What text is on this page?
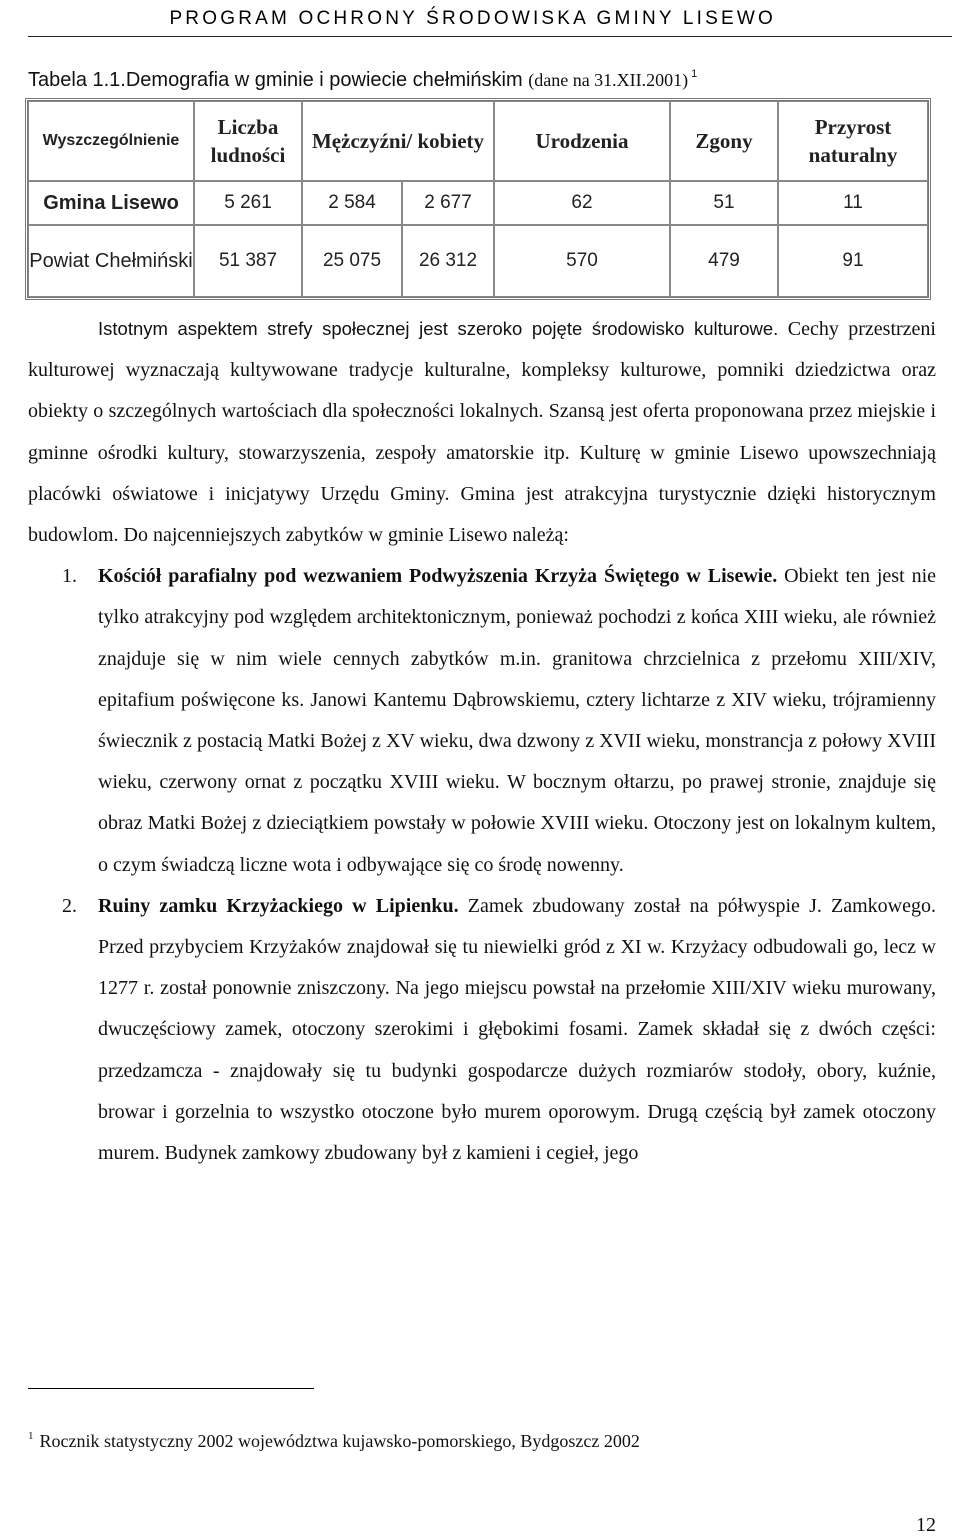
PROGRAM OCHRONY ŚRODOWISKA GMINY LISEWO
Tabela 1.1.Demografia w gminie i powiecie chełmińskim (dane na 31.XII.2001) $^1$
Wyszczególnienie	Liczba ludności	Mężczyźni/ kobiety		Urodzenia	Zgony	Przyrost naturalny
Gmina Lisewo	5 261	2 584	2 677	62	51	11
Powiat Chełmiński	51 387	25 075	26 312	570	479	91

Istotnym aspektem strefy społecznej jest szeroko pojęte środowisko kulturowe. Cechy przestrzeni kulturowej wyznaczają kultywowane tradycje kulturalne, kompleksy kulturowe, pomniki dziedzictwa oraz obiekty o szczególnych wartościach dla społeczności lokalnych. Szansą jest oferta proponowana przez miejskie i gminne ośrodki kultury, stowarzyszenia, zespoły amatorskie itp. Kulturę w gminie Lisewo upowszechniają placówki oświatowe i inicjatywy Urzędu Gminy. Gmina jest atrakcyjna turystycznie dzięki historycznym budowlom. Do najcenniejszych zabytków w gminie Lisewo należą:

1. Kościół parafialny pod wezwaniem Podwyższenia Krzyża Świętego w Lisewie. Obiekt ten jest nie tylko atrakcyjny pod względem architektonicznym, ponieważ pochodzi z końca XIII wieku, ale również znajduje się w nim wiele cennych zabytków m.in. granitowa chrzcielnica z przełomu XIII/XIV, epitafium poświęcone ks. Janowi Kantemu Dąbrowskiemu, cztery lichtarze z XIV wieku, trójramienny świecznik z postacią Matki Bożej z XV wieku, dwa dzwony z XVII wieku, monstrancja z połowy XVIII wieku, czerwony ornat z początku XVIII wieku. W bocznym ołtarzu, po prawej stronie, znajduje się obraz Matki Bożej z dzieciątkiem powstały w połowie XVIII wieku. Otoczony jest on lokalnym kultem, o czym świadczą liczne wota i odbywające się co środę nowenny.
2. Ruiny zamku Krzyżackiego w Lipienku. Zamek zbudowany został na półwyspie J. Zamkowego. Przed przybyciem Krzyżaków znajdował się tu niewielki gród z XI w. Krzyżacy odbudowali go, lecz w 1277 r. został ponownie zniszczony. Na jego miejscu powstał na przełomie XIII/XIV wieku murowany, dwuczęściowy zamek, otoczony szerokimi i głębokimi fosami. Zamek składał się z dwóch części: przedzamcza - znajdowały się tu budynki gospodarcze dużych rozmiarów stodoły, obory, kuźnie, browar i gorzelnia to wszystko otoczone było murem oporowym. Drugą częścią był zamek otoczony murem. Budynek zamkowy zbudowany był z kamieni i cegieł, jego
$^1$ Rocznik statystyczny 2002 województwa kujawsko-pomorskiego, Bydgoszcz 2002
12
